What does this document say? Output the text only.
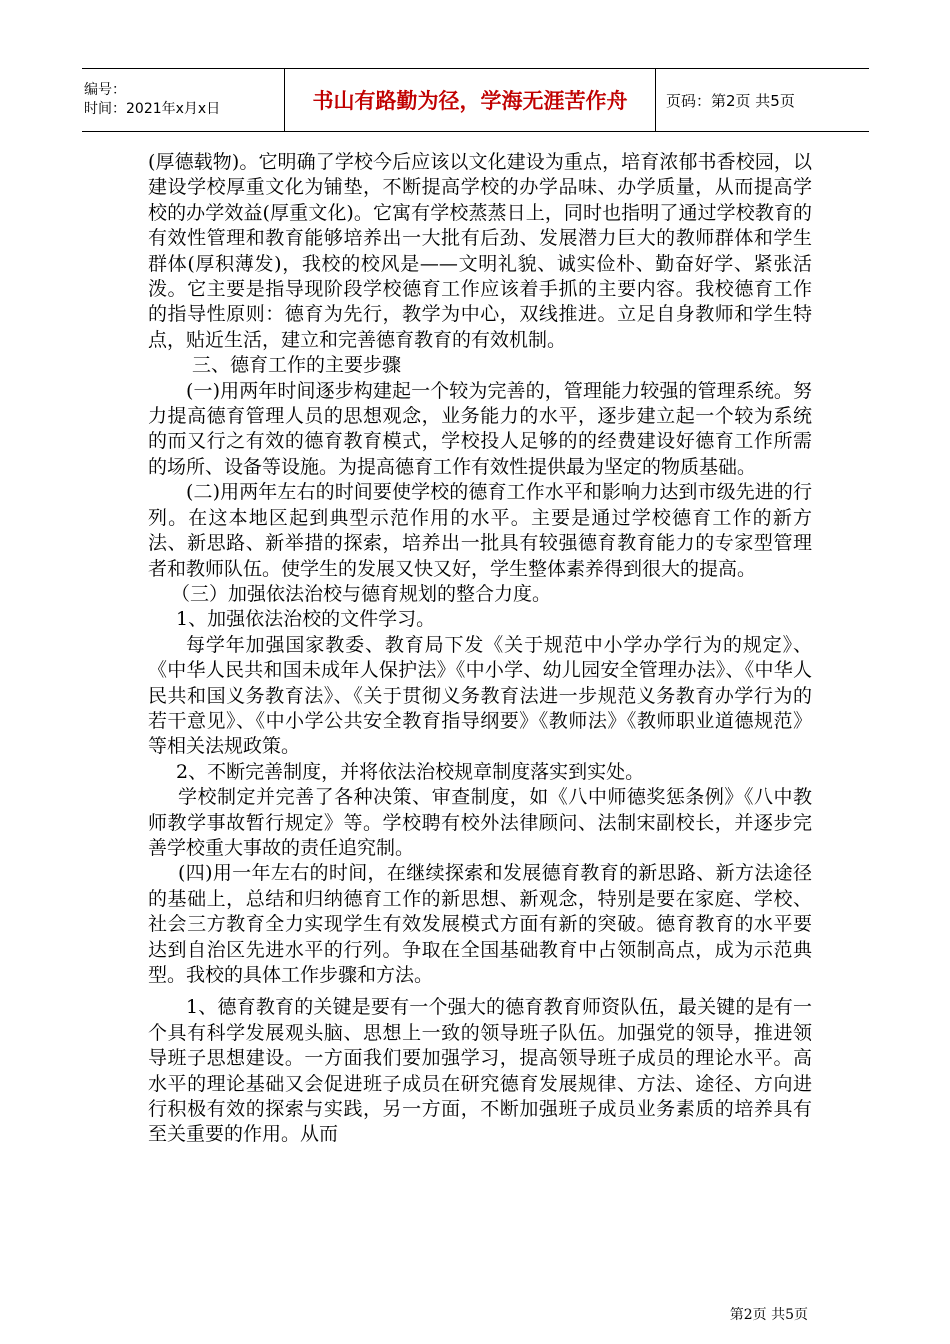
编号：
时间：2021年x月x日	书山有路勤为径，学海无涯苦作舟	页码：第2页 共5页

(厚德载物)。它明确了学校今后应该以文化建设为重点，培育浓郁书香校园，以建设学校厚重文化为铺垫，不断提高学校的办学品味、办学质量，从而提高学校的办学效益(厚重文化)。它寓有学校蒸蒸日上，同时也指明了通过学校教育的有效性管理和教育能够培养出一大批有后劲、发展潜力巨大的教师群体和学生群体(厚积薄发)，我校的校风是——文明礼貌、诚实俭朴、勤奋好学、紧张活泼。它主要是指导现阶段学校德育工作应该着手抓的主要内容。我校德育工作的指导性原则：德育为先行，教学为中心，双线推进。立足自身教师和学生特点，贴近生活，建立和完善德育教育的有效机制。

三、德育工作的主要步骤

(一)用两年时间逐步构建起一个较为完善的，管理能力较强的管理系统。努力提高德育管理人员的思想观念，业务能力的水平，逐步建立起一个较为系统的而又行之有效的德育教育模式，学校投人足够的的经费建设好德育工作所需的场所、设备等设施。为提高德育工作有效性提供最为坚定的物质基础。

(二)用两年左右的时间要使学校的德育工作水平和影响力达到市级先进的行列。在这本地区起到典型示范作用的水平。主要是通过学校德育工作的新方法、新思路、新举措的探索，培养出一批具有较强德育教育能力的专家型管理者和教师队伍。使学生的发展又快又好，学生整体素养得到很大的提高。

（三）加强依法治校与德育规划的整合力度。

1、加强依法治校的文件学习。

每学年加强国家教委、教育局下发《关于规范中小学办学行为的规定》、《中华人民共和国未成年人保护法》《中小学、幼儿园安全管理办法》、《中华人民共和国义务教育法》、《关于贯彻义务教育法进一步规范义务教育办学行为的若干意见》、《中小学公共安全教育指导纲要》《教师法》《教师职业道德规范》等相关法规政策。

2、不断完善制度，并将依法治校规章制度落实到实处。

学校制定并完善了各种决策、审查制度，如《八中师德奖惩条例》《八中教师教学事故暂行规定》等。学校聘有校外法律顾问、法制宋副校长，并逐步完善学校重大事故的责任追究制。

(四)用一年左右的时间，在继续探索和发展德育教育的新思路、新方法途径的基础上，总结和归纳德育工作的新思想、新观念，特别是要在家庭、学校、社会三方教育全力实现学生有效发展模式方面有新的突破。德育教育的水平要达到自治区先进水平的行列。争取在全国基础教育中占领制高点，成为示范典型。我校的具体工作步骤和方法。

1、德育教育的关键是要有一个强大的德育教育师资队伍，最关键的是有一个具有科学发展观头脑、思想上一致的领导班子队伍。加强党的领导，推进领导班子思想建设。一方面我们要加强学习，提高领导班子成员的理论水平。高水平的理论基础又会促进班子成员在研究德育发展规律、方法、途径、方向进行积极有效的探索与实践，另一方面，不断加强班子成员业务素质的培养具有至关重要的作用。从而

第2页 共5页
